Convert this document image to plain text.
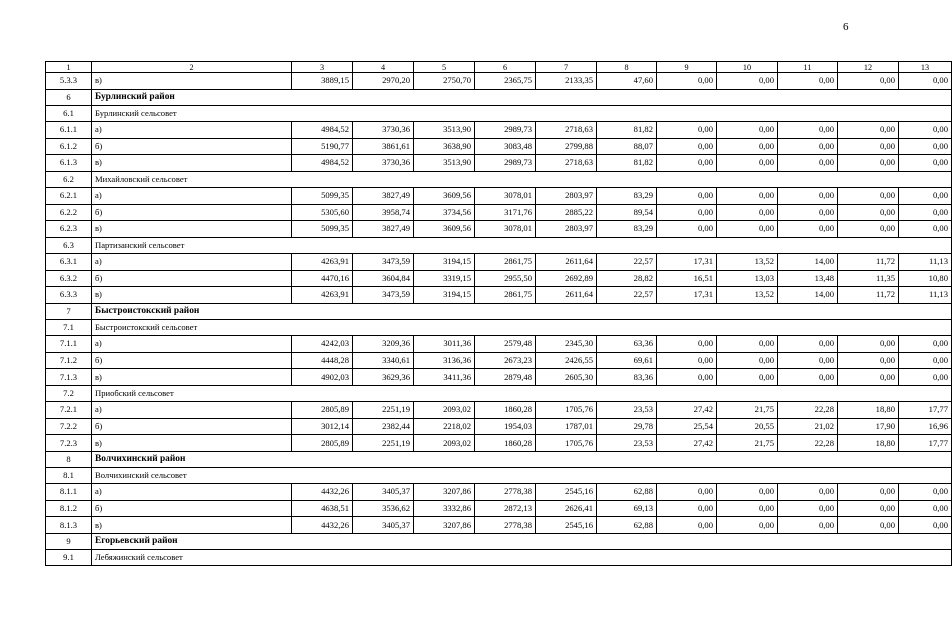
6
1	2	3	4	5	6	7	8	9	10	11	12	13
5.3.3	в)	3889,15	2970,20	2750,70	2365,75	2133,35	47,60	0,00	0,00	0,00	0,00	0,00
6	Бурлинский район											
6.1	Бурлинский сельсовет											
6.1.1	а)	4984,52	3730,36	3513,90	2989,73	2718,63	81,82	0,00	0,00	0,00	0,00	0,00
6.1.2	б)	5190,77	3861,61	3638,90	3083,48	2799,88	88,07	0,00	0,00	0,00	0,00	0,00
6.1.3	в)	4984,52	3730,36	3513,90	2989,73	2718,63	81,82	0,00	0,00	0,00	0,00	0,00
6.2	Михайловский сельсовет											
6.2.1	а)	5099,35	3827,49	3609,56	3078,01	2803,97	83,29	0,00	0,00	0,00	0,00	0,00
6.2.2	б)	5305,60	3958,74	3734,56	3171,76	2885,22	89,54	0,00	0,00	0,00	0,00	0,00
6.2.3	в)	5099,35	3827,49	3609,56	3078,01	2803,97	83,29	0,00	0,00	0,00	0,00	0,00
6.3	Партизанский сельсовет											
6.3.1	а)	4263,91	3473,59	3194,15	2861,75	2611,64	22,57	17,31	13,52	14,00	11,72	11,13
6.3.2	б)	4470,16	3604,84	3319,15	2955,50	2692,89	28,82	16,51	13,03	13,48	11,35	10,80
6.3.3	в)	4263,91	3473,59	3194,15	2861,75	2611,64	22,57	17,31	13,52	14,00	11,72	11,13
7	Быстроистокский район											
7.1	Быстроистокский сельсовет											
7.1.1	а)	4242,03	3209,36	3011,36	2579,48	2345,30	63,36	0,00	0,00	0,00	0,00	0,00
7.1.2	б)	4448,28	3340,61	3136,36	2673,23	2426,55	69,61	0,00	0,00	0,00	0,00	0,00
7.1.3	в)	4902,03	3629,36	3411,36	2879,48	2605,30	83,36	0,00	0,00	0,00	0,00	0,00
7.2	Приобский сельсовет											
7.2.1	а)	2805,89	2251,19	2093,02	1860,28	1705,76	23,53	27,42	21,75	22,28	18,80	17,77
7.2.2	б)	3012,14	2382,44	2218,02	1954,03	1787,01	29,78	25,54	20,55	21,02	17,90	16,96
7.2.3	в)	2805,89	2251,19	2093,02	1860,28	1705,76	23,53	27,42	21,75	22,28	18,80	17,77
8	Волчихинский район											
8.1	Волчихинский сельсовет											
8.1.1	а)	4432,26	3405,37	3207,86	2778,38	2545,16	62,88	0,00	0,00	0,00	0,00	0,00
8.1.2	б)	4638,51	3536,62	3332,86	2872,13	2626,41	69,13	0,00	0,00	0,00	0,00	0,00
8.1.3	в)	4432,26	3405,37	3207,86	2778,38	2545,16	62,88	0,00	0,00	0,00	0,00	0,00
9	Егорьевский район											
9.1	Лебяжинский сельсовет											
